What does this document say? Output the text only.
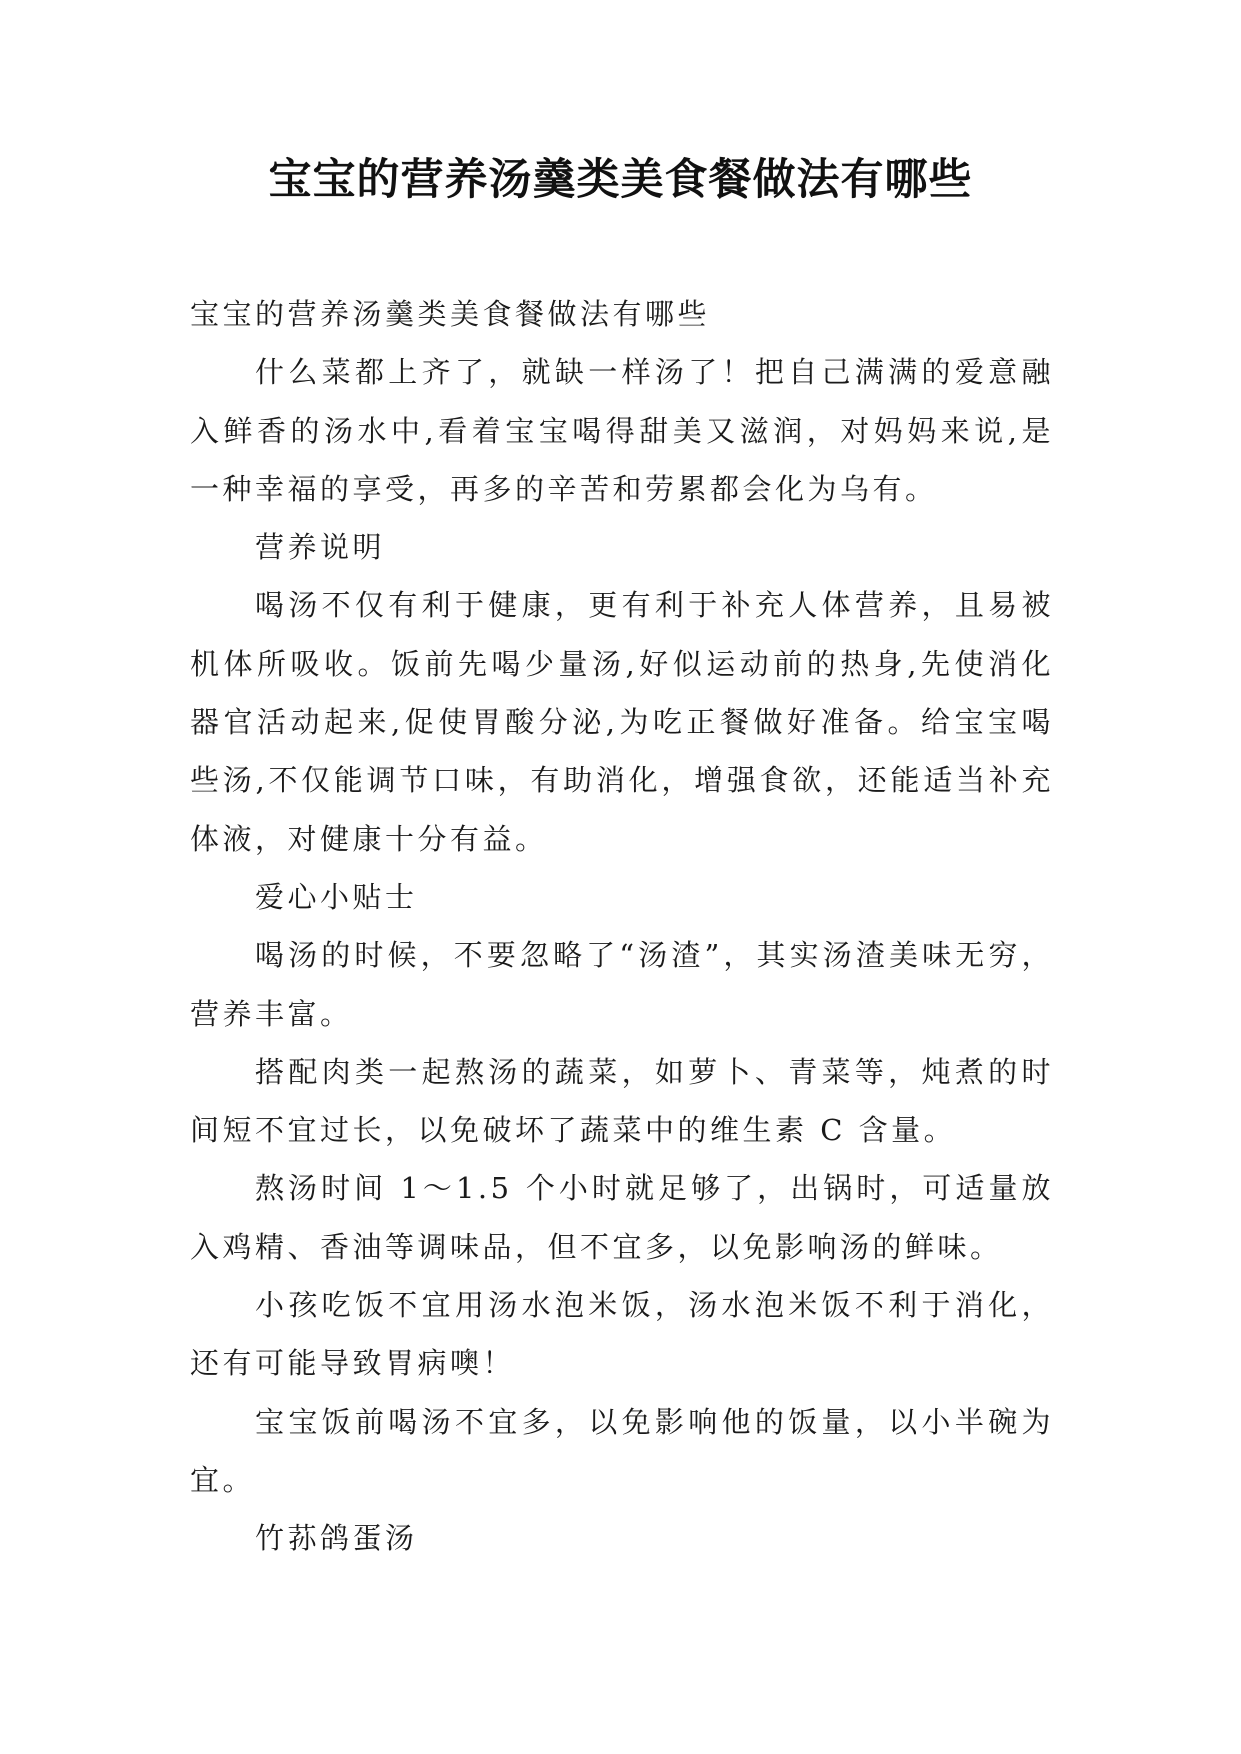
宝宝的营养汤羹类美食餐做法有哪些

宝宝的营养汤羹类美食餐做法有哪些

什么菜都上齐了，就缺一样汤了！把自己满满的爱意融入鲜香的汤水中,看着宝宝喝得甜美又滋润，对妈妈来说,是一种幸福的享受，再多的辛苦和劳累都会化为乌有。

营养说明

喝汤不仅有利于健康，更有利于补充人体营养，且易被机体所吸收。饭前先喝少量汤,好似运动前的热身,先使消化器官活动起来,促使胃酸分泌,为吃正餐做好准备。给宝宝喝些汤,不仅能调节口味，有助消化，增强食欲，还能适当补充体液，对健康十分有益。

爱心小贴士

喝汤的时候，不要忽略了“汤渣”，其实汤渣美味无穷，营养丰富。

搭配肉类一起熬汤的蔬菜，如萝卜、青菜等，炖煮的时间短不宜过长，以免破坏了蔬菜中的维生素 C 含量。

熬汤时间 1～1.5 个小时就足够了，出锅时，可适量放入鸡精、香油等调味品，但不宜多，以免影响汤的鲜味。

小孩吃饭不宜用汤水泡米饭，汤水泡米饭不利于消化，还有可能导致胃病噢！

宝宝饭前喝汤不宜多，以免影响他的饭量，以小半碗为宜。

竹荪鸽蛋汤
